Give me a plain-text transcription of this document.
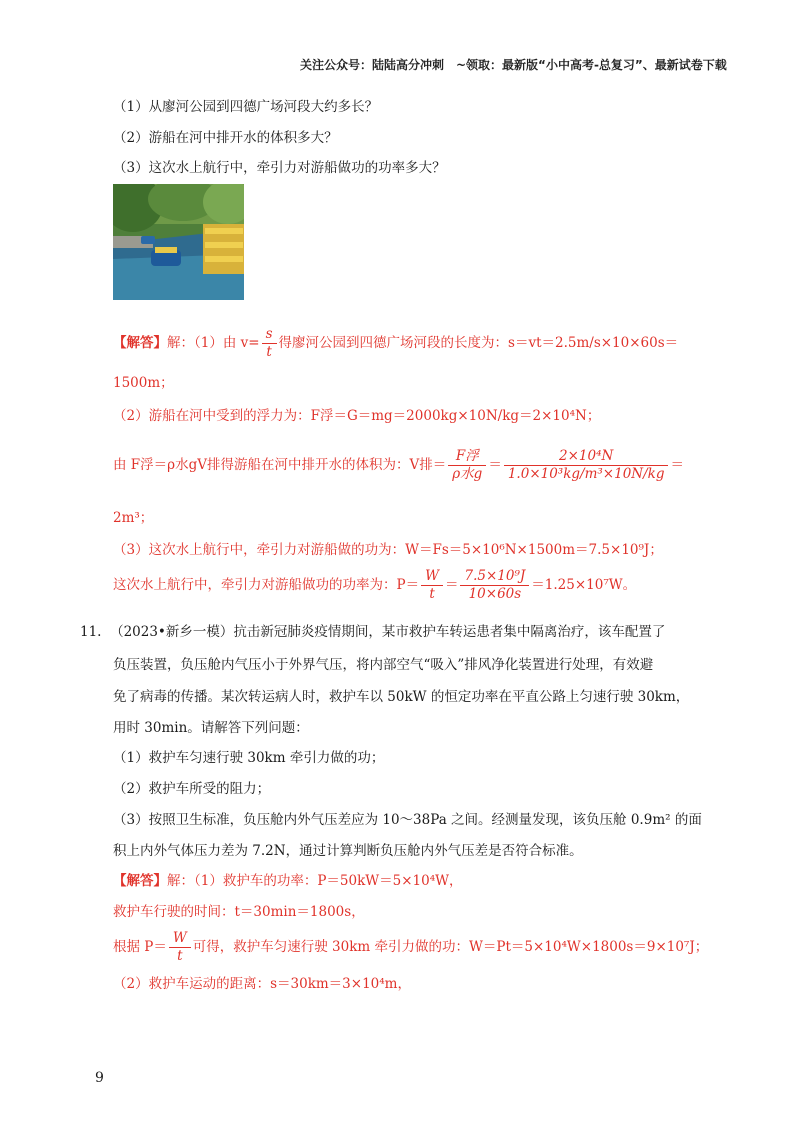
关注公众号：陆陆高分冲刺　~领取：最新版“小中高考-总复习”、最新试卷下载
（1）从廖河公园到四德广场河段大约多长？
（2）游船在河中排开水的体积多大？
（3）这次水上航行中，牵引力对游船做功的功率多大？
【解答】解：（1）由 $v= \frac{s}{t}$ 得廖河公园到四德广场河段的长度为：s＝vt＝2.5m/s×10×60s＝
1500m；
（2）游船在河中受到的浮力为：F浮＝G＝mg＝2000kg×10N/kg＝2×10⁴N；
由 F浮＝ρ水gV排得游船在河中排开水的体积为：V排＝ $\frac{\text{F浮}}{\text{ρ水g}} = \frac{\text{2×10⁴N}}{\text{1.0×10³kg/m³×10N/kg}}$ ＝
2m³；
（3）这次水上航行中，牵引力对游船做的功为：W＝Fs＝5×10⁶N×1500m＝7.5×10⁹J；
这次水上航行中，牵引力对游船做功的功率为：$P= \frac{W}{t} = \frac{\text{7.5×10⁹J}}{10\times 60s} =1.25\times 10^7W$。
11. （2023•新乡一模）抗击新冠肺炎疫情期间，某市救护车转运患者集中隔离治疗，该车配置了
负压装置，负压舱内气压小于外界气压，将内部空气“吸入”排风净化装置进行处理，有效避
免了病毒的传播。某次转运病人时，救护车以 50kW 的恒定功率在平直公路上匀速行驶 30km，
用时 30min。请解答下列问题：
（1）救护车匀速行驶 30km 牵引力做的功；
（2）救护车所受的阻力；
（3）按照卫生标准，负压舱内外气压差应为 10～38Pa 之间。经测量发现，该负压舱 0.9m² 的面
积上内外气体压力差为 7.2N，通过计算判断负压舱内外气压差是否符合标准。
【解答】解：（1）救护车的功率：P＝50kW＝5×10⁴W，
救护车行驶的时间：t＝30min＝1800s，
根据 $P= \frac{W}{t}$ 可得，救护车匀速行驶 30km 牵引力做的功：W＝Pt＝5×10⁴W×1800s＝9×10⁷J；
（2）救护车运动的距离：s＝30km＝3×10⁴m，
9
